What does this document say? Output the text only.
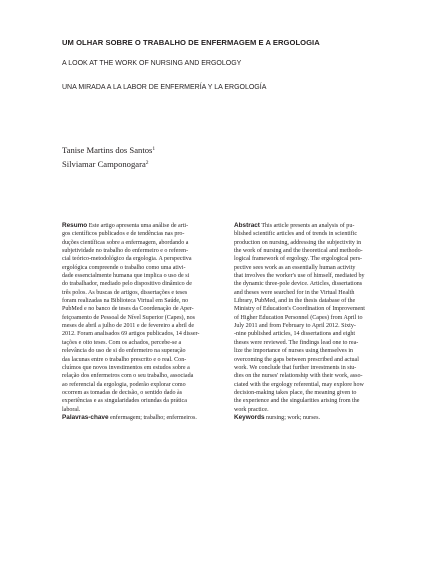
UM OLHAR SOBRE O TRABALHO DE ENFERMAGEM E A ERGOLOGIA
A LOOK AT THE WORK OF NURSING AND ERGOLOGY
UNA MIRADA A LA LABOR DE ENFERMERÍA Y LA ERGOLOGÍA
Tanise Martins dos Santos$^1$
Silviamar Camponogara$^2$
Resumo Este artigo apresenta uma análise de arti-
gos científicos publicados e de tendências nas pro-
duções científicas sobre a enfermagem, abordando a
subjetividade no trabalho do enfermeiro e o referen-
cial teórico-metodológico da ergologia. A perspectiva
ergológica compreende o trabalho como uma ativi-
dade essencialmente humana que implica o uso de si
do trabalhador, mediado pelo dispositivo dinâmico de
três polos. As buscas de artigos, dissertações e teses
foram realizadas na Biblioteca Virtual em Saúde, no
PubMed e no banco de teses da Coordenação de Aper-
feiçoamento de Pessoal de Nível Superior (Capes), nos
meses de abril a julho de 2011 e de fevereiro a abril de
2012. Foram analisados 69 artigos publicados, 14 disser-
tações e oito teses. Com os achados, percebe-se a
relevância do uso de si do enfermeiro na superação
das lacunas entre o trabalho prescrito e o real. Con-
cluímos que novos investimentos em estudos sobre a
relação dos enfermeiros com o seu trabalho, associada
ao referencial da ergologia, poderão explorar como
ocorrem as tomadas de decisão, o sentido dado às
experiências e as singularidades oriundas da prática
laboral.
Palavras-chave enfermagem; trabalho; enfermeiros.
Abstract This article presents an analysis of pu-
blished scientific articles and of trends in scientific
production on nursing, addressing the subjectivity in
the work of nursing and the theoretical and methodo-
logical framework of ergology. The ergological pers-
pective sees work as an essentially human activity
that involves the worker's use of himself, mediated by
the dynamic three-pole device. Articles, dissertations
and theses were searched for in the Virtual Health
Library, PubMed, and in the thesis database of the
Ministry of Education's Coordination of Improvement
of Higher Education Personnel (Capes) from April to
July 2011 and from February to April 2012. Sixty-
-nine published articles, 14 dissertations and eight
theses were reviewed. The findings lead one to rea-
lize the importance of nurses using themselves in
overcoming the gaps between prescribed and actual
work. We conclude that further investments in stu-
dies on the nurses' relationship with their work, asso-
ciated with the ergology referential, may explore how
decision-making takes place, the meaning given to
the experience and the singularities arising from the
work practice.
Keywords nursing; work; nurses.
